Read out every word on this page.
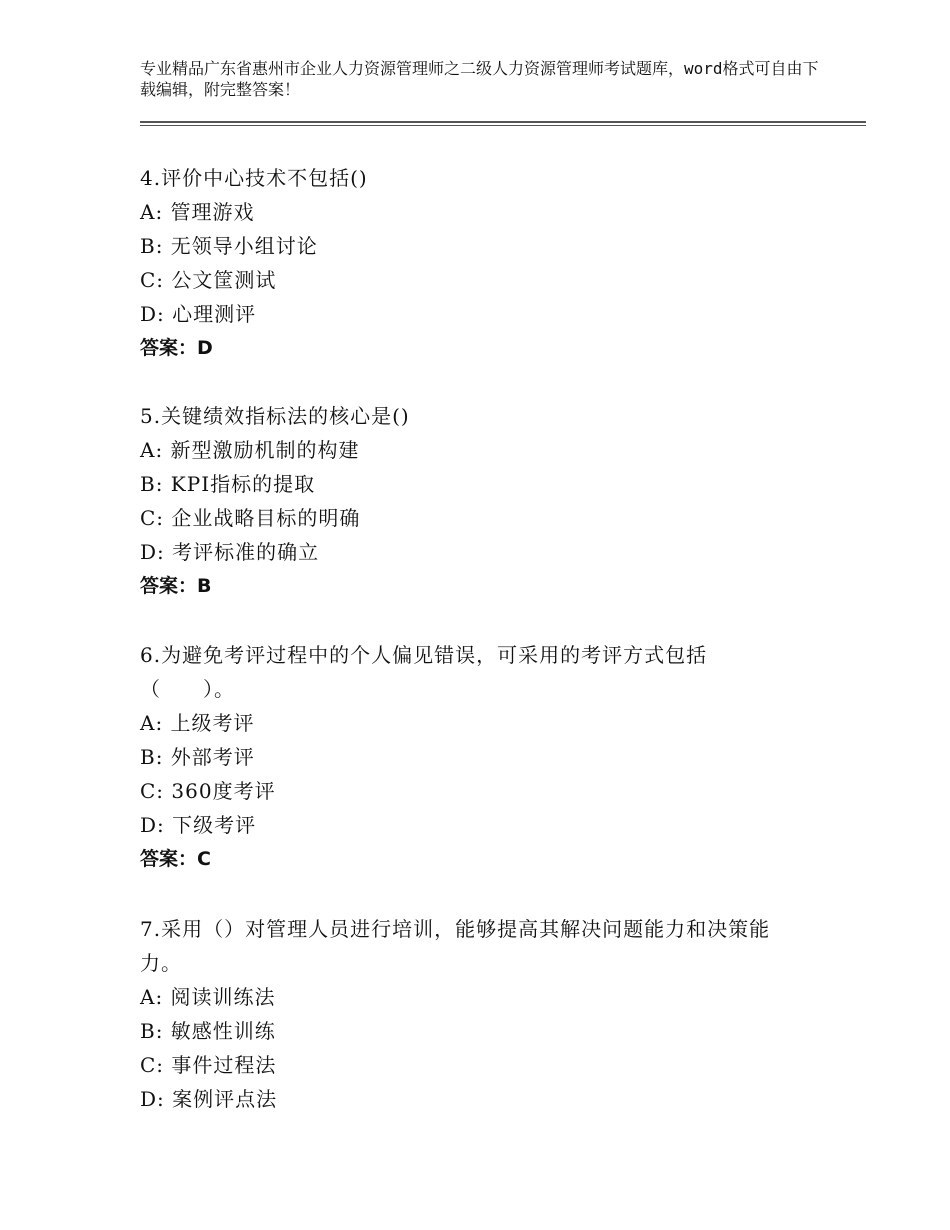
专业精品广东省惠州市企业人力资源管理师之二级人力资源管理师考试题库，word格式可自由下载编辑，附完整答案！
4.评价中心技术不包括()
A: 管理游戏
B: 无领导小组讨论
C: 公文筐测试
D: 心理测评
答案：D
5.关键绩效指标法的核心是()
A: 新型激励机制的构建
B: KPI指标的提取
C: 企业战略目标的明确
D: 考评标准的确立
答案：B
6.为避免考评过程中的个人偏见错误，可采用的考评方式包括（　　）。
A: 上级考评
B: 外部考评
C: 360度考评
D: 下级考评
答案：C
7.采用（）对管理人员进行培训，能够提高其解决问题能力和决策能力。
A: 阅读训练法
B: 敏感性训练
C: 事件过程法
D: 案例评点法
